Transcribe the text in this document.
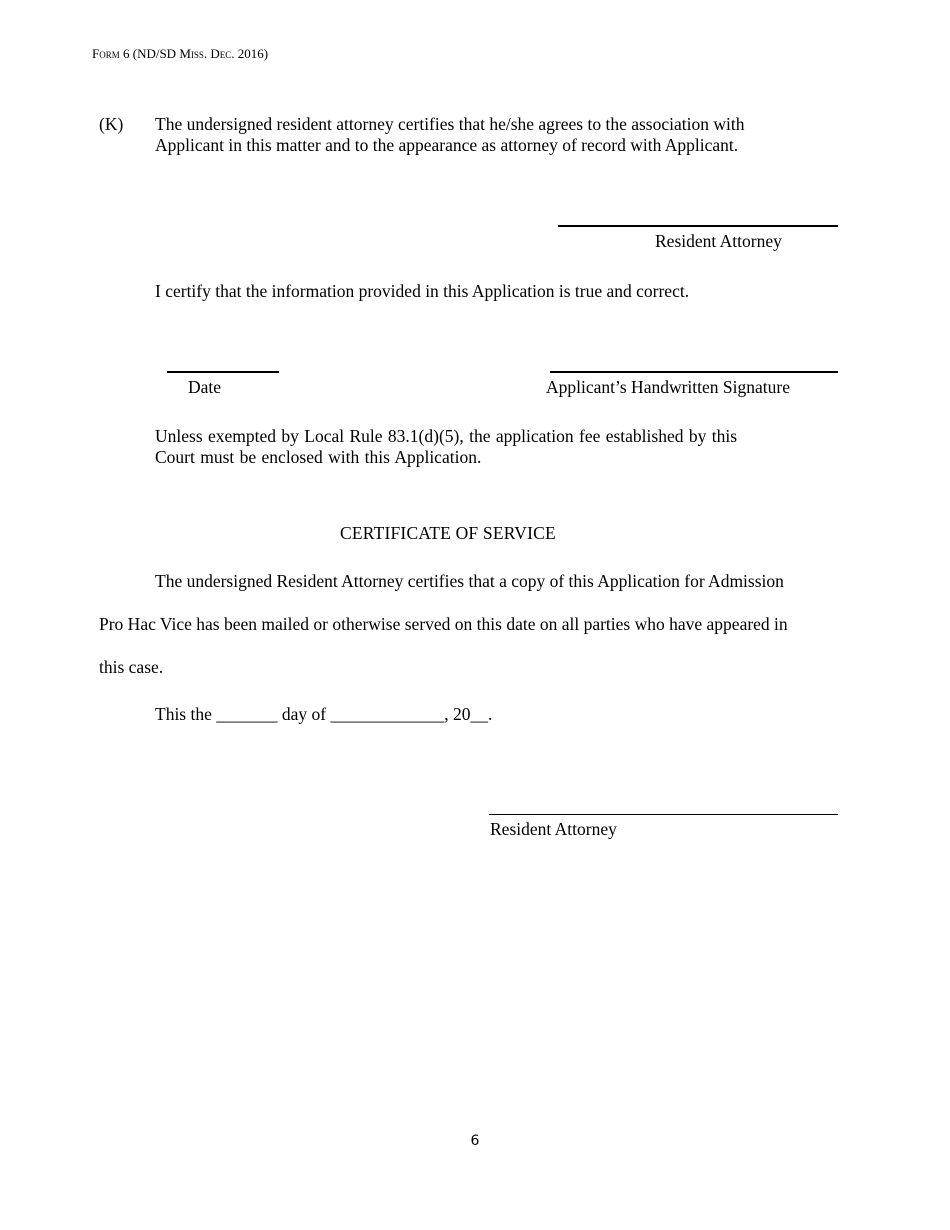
Form 6 (ND/SD Miss. Dec. 2016)
(K) The undersigned resident attorney certifies that he/she agrees to the association with
Applicant in this matter and to the appearance as attorney of record with Applicant.
Resident Attorney
I certify that the information provided in this Application is true and correct.
Date	Applicant’s Handwritten Signature
Unless exempted by Local Rule 83.1(d)(5), the application fee established by this
Court must be enclosed with this Application.
CERTIFICATE OF SERVICE
The undersigned Resident Attorney certifies that a copy of this Application for Admission
Pro Hac Vice has been mailed or otherwise served on this date on all parties who have appeared in
this case.
This the _______ day of _____________, 20__.
Resident Attorney
6
